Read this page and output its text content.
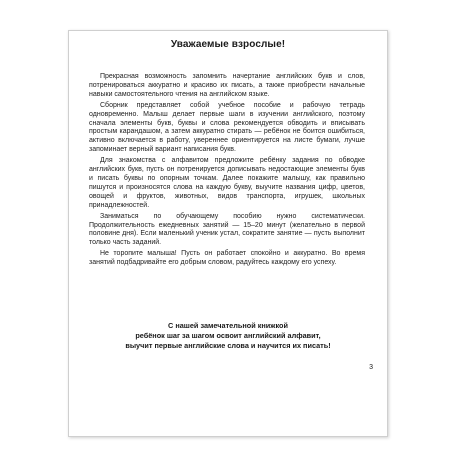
Уважаемые взрослые!

Прекрасная возможность запомнить начертание английских букв и слов, потренироваться аккуратно и красиво их писать, а также приобрести начальные навыки самостоятельного чтения на английском языке.

Сборник представляет собой учебное пособие и рабочую тетрадь одновременно. Малыш делает первые шаги в изучении английского, поэтому сначала элементы букв, буквы и слова рекомендуется обводить и вписывать простым карандашом, а затем аккуратно стирать — ребёнок не боится ошибиться, активно включается в работу, увереннее ориентируется на листе бумаги, лучше запоминает верный вариант написания букв.

Для знакомства с алфавитом предложите ребёнку задания по обводке английских букв, пусть он потренируется дописывать недостающие элементы букв и писать буквы по опорным точкам. Далее покажите малышу, как правильно пишутся и произносятся слова на каждую букву, выучите названия цифр, цветов, овощей и фруктов, животных, видов транспорта, игрушек, школьных принадлежностей.

Заниматься по обучающему пособию нужно систематически. Продолжительность ежедневных занятий — 15–20 минут (желательно в первой половине дня). Если маленький ученик устал, сократите занятие — пусть выполнит только часть заданий.

Не торопите малыша! Пусть он работает спокойно и аккуратно. Во время занятий подбадривайте его добрым словом, радуйтесь каждому его успеху.

С нашей замечательной книжкой
ребёнок шаг за шагом освоит английский алфавит,
выучит первые английские слова и научится их писать!
3
